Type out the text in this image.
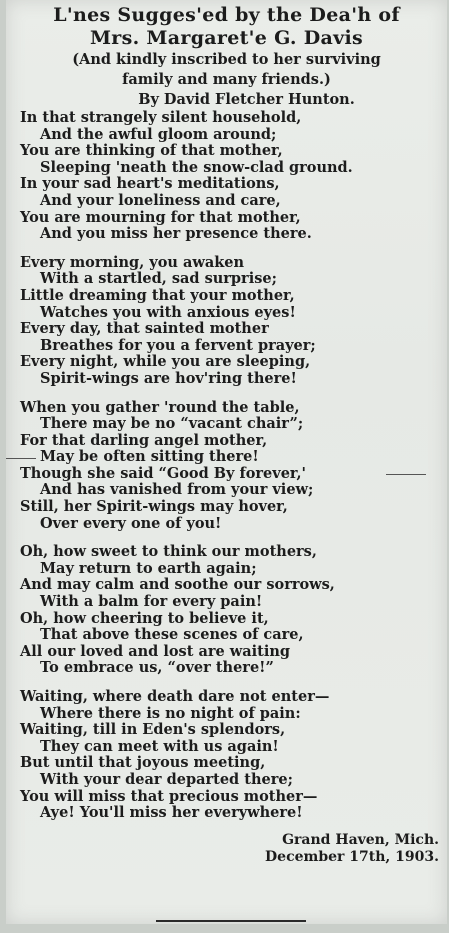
L'nes Sugges'ed by the Dea'h of
Mrs. Margaret'e G. Davis
(And kindly inscribed to her surviving
family and many friends.)
By David Fletcher Hunton.
In that strangely silent household,
And the awful gloom around;
You are thinking of that mother,
Sleeping 'neath the snow-clad ground.
In your sad heart's meditations,
And your loneliness and care,
You are mourning for that mother,
And you miss her presence there.
Every morning, you awaken
With a startled, sad surprise;
Little dreaming that your mother,
Watches you with anxious eyes!
Every day, that sainted mother
Breathes for you a fervent prayer;
Every night, while you are sleeping,
Spirit-wings are hov'ring there!
When you gather 'round the table,
There may be no “vacant chair”;
For that darling angel mother,
May be often sitting there!
Though she said “Good By forever,'
And has vanished from your view;
Still, her Spirit-wings may hover,
Over every one of you!
Oh, how sweet to think our mothers,
May return to earth again;
And may calm and soothe our sorrows,
With a balm for every pain!
Oh, how cheering to believe it,
That above these scenes of care,
All our loved and lost are waiting
To embrace us, “over there!”
Waiting, where death dare not enter—
Where there is no night of pain:
Waiting, till in Eden's splendors,
They can meet with us again!
But until that joyous meeting,
With your dear departed there;
You will miss that precious mother—
Aye! You'll miss her everywhere!
Grand Haven, Mich.
December 17th, 1903.
